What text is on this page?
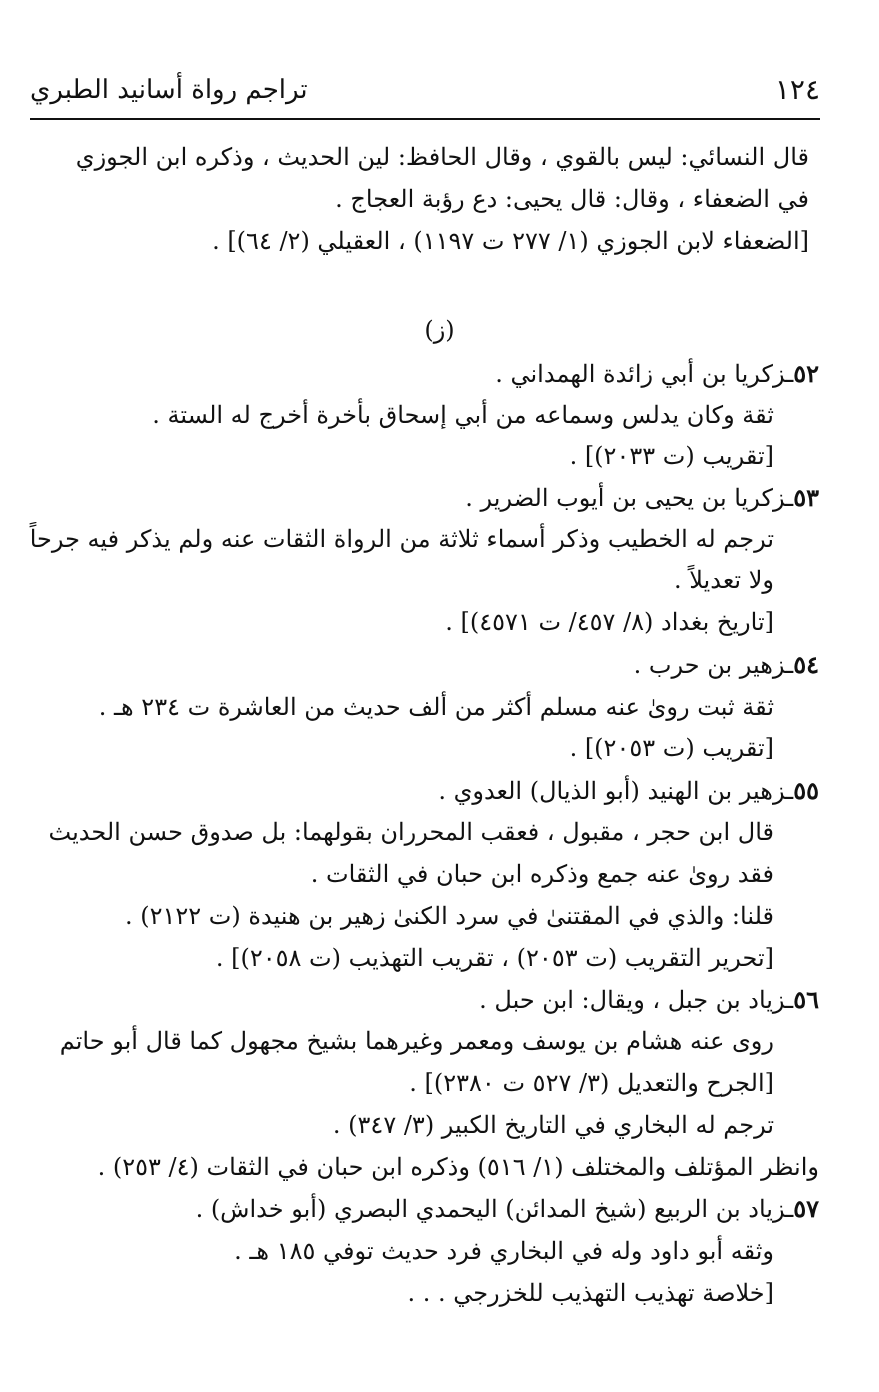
١٢٤
تراجم رواة أسانيد الطبري
قال النسائي: ليس بالقوي ، وقال الحافظ: لين الحديث ، وذكره ابن الجوزي
في الضعفاء ، وقال: قال يحيى: دع رؤبة العجاج .
[الضعفاء لابن الجوزي (١/ ٢٧٧ ت ١١٩٧) ، العقيلي (٢/ ٦٤)] .
(ز)
٥٢ـزكريا بن أبي زائدة الهمداني .
ثقة وكان يدلس وسماعه من أبي إسحاق بأخرة أخرج له الستة .
[تقريب (ت ٢٠٣٣)] .
٥٣ـزكريا بن يحيى بن أيوب الضرير .
ترجم له الخطيب وذكر أسماء ثلاثة من الرواة الثقات عنه ولم يذكر فيه جرحاً
ولا تعديلاً .
[تاريخ بغداد (٨/ ٤٥٧/ ت ٤٥٧١)] .
٥٤ـزهير بن حرب .
ثقة ثبت روىٰ عنه مسلم أكثر من ألف حديث من العاشرة ت ٢٣٤ هـ .
[تقريب (ت ٢٠٥٣)] .
٥٥ـزهير بن الهنيد (أبو الذيال) العدوي .
قال ابن حجر ، مقبول ، فعقب المحرران بقولهما: بل صدوق حسن الحديث
فقد روىٰ عنه جمع وذكره ابن حبان في الثقات .
قلنا: والذي في المقتنىٰ في سرد الكنىٰ زهير بن هنيدة (ت ٢١٢٢) .
[تحرير التقريب (ت ٢٠٥٣) ، تقريب التهذيب (ت ٢٠٥٨)] .
٥٦ـزياد بن جبل ، ويقال: ابن حبل .
روى عنه هشام بن يوسف ومعمر وغيرهما بشيخ مجهول كما قال أبو حاتم
[الجرح والتعديل (٣/ ٥٢٧ ت ٢٣٨٠)] .
ترجم له البخاري في التاريخ الكبير (٣/ ٣٤٧) .
وانظر المؤتلف والمختلف (١/ ٥١٦) وذكره ابن حبان في الثقات (٤/ ٢٥٣) .
٥٧ـزياد بن الربيع (شيخ المدائن) اليحمدي البصري (أبو خداش) .
وثقه أبو داود وله في البخاري فرد حديث توفي ١٨٥ هـ .
[خلاصة تهذيب التهذيب للخزرجي . . .
